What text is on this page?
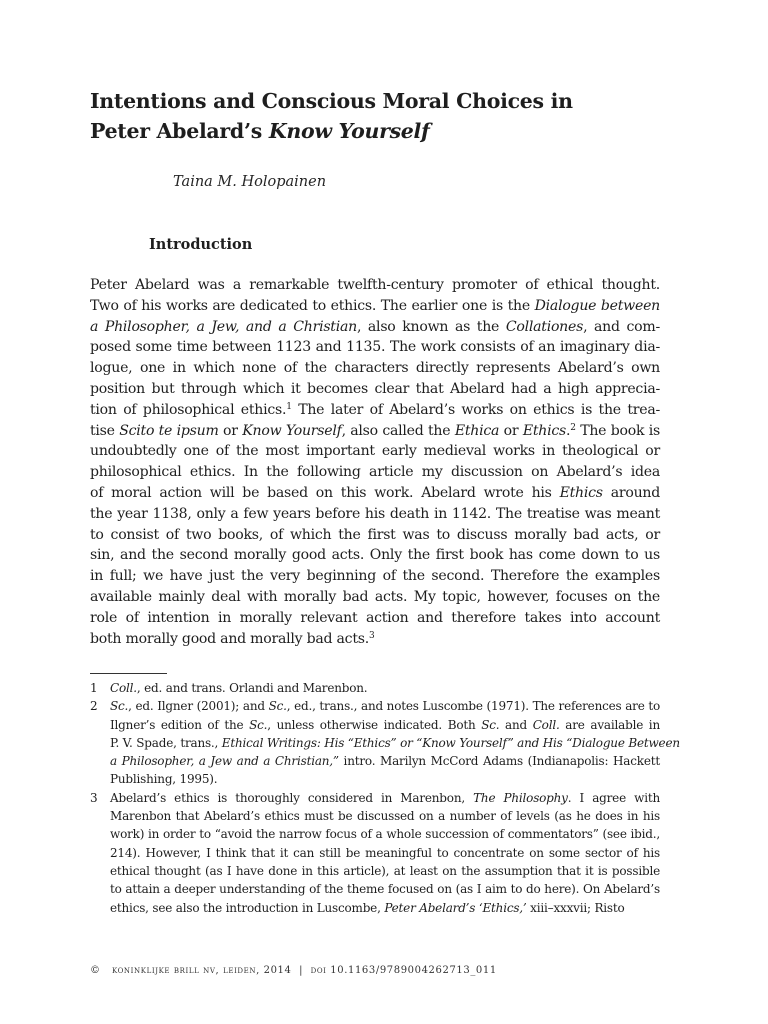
Intentions and Conscious Moral Choices in
Peter Abelard’s Know Yourself
Taina M. Holopainen
Introduction
Peter Abelard was a remarkable twelfth-century promoter of ethical thought.
Two of his works are dedicated to ethics. The earlier one is the Dialogue between
a Philosopher, a Jew, and a Christian, also known as the Collationes, and com-
posed some time between 1123 and 1135. The work consists of an imaginary dia-
logue, one in which none of the characters directly represents Abelard’s own
position but through which it becomes clear that Abelard had a high apprecia-
tion of philosophical ethics.$^1$ The later of Abelard’s works on ethics is the trea-
tise Scito te ipsum or Know Yourself, also called the Ethica or Ethics.$^2$ The book is
undoubtedly one of the most important early medieval works in theological or
philosophical ethics. In the following article my discussion on Abelard’s idea
of moral action will be based on this work. Abelard wrote his Ethics around
the year 1138, only a few years before his death in 1142. The treatise was meant
to consist of two books, of which the first was to discuss morally bad acts, or
sin, and the second morally good acts. Only the first book has come down to us
in full; we have just the very beginning of the second. Therefore the examples
available mainly deal with morally bad acts. My topic, however, focuses on the
role of intention in morally relevant action and therefore takes into account
both morally good and morally bad acts.$^3$
1 Coll., ed. and trans. Orlandi and Marenbon.
2 Sc., ed. Ilgner (2001); and Sc., ed., trans., and notes Luscombe (1971). The references are to
Ilgner’s edition of the Sc., unless otherwise indicated. Both Sc. and Coll. are available in
P. V. Spade, trans., Ethical Writings: His “Ethics” or “Know Yourself” and His “Dialogue Between
a Philosopher, a Jew and a Christian,” intro. Marilyn McCord Adams (Indianapolis: Hackett
Publishing, 1995).
3 Abelard’s ethics is thoroughly considered in Marenbon, The Philosophy. I agree with
Marenbon that Abelard’s ethics must be discussed on a number of levels (as he does in his
work) in order to “avoid the narrow focus of a whole succession of commentators” (see ibid.,
214). However, I think that it can still be meaningful to concentrate on some sector of his
ethical thought (as I have done in this article), at least on the assumption that it is possible
to attain a deeper understanding of the theme focused on (as I aim to do here). On Abelard’s
ethics, see also the introduction in Luscombe, Peter Abelard’s ‘Ethics,’ xiii–xxxvii; Risto
© koninklijke brill nv, leiden, 2014 | doi 10.1163/9789004262713_011
